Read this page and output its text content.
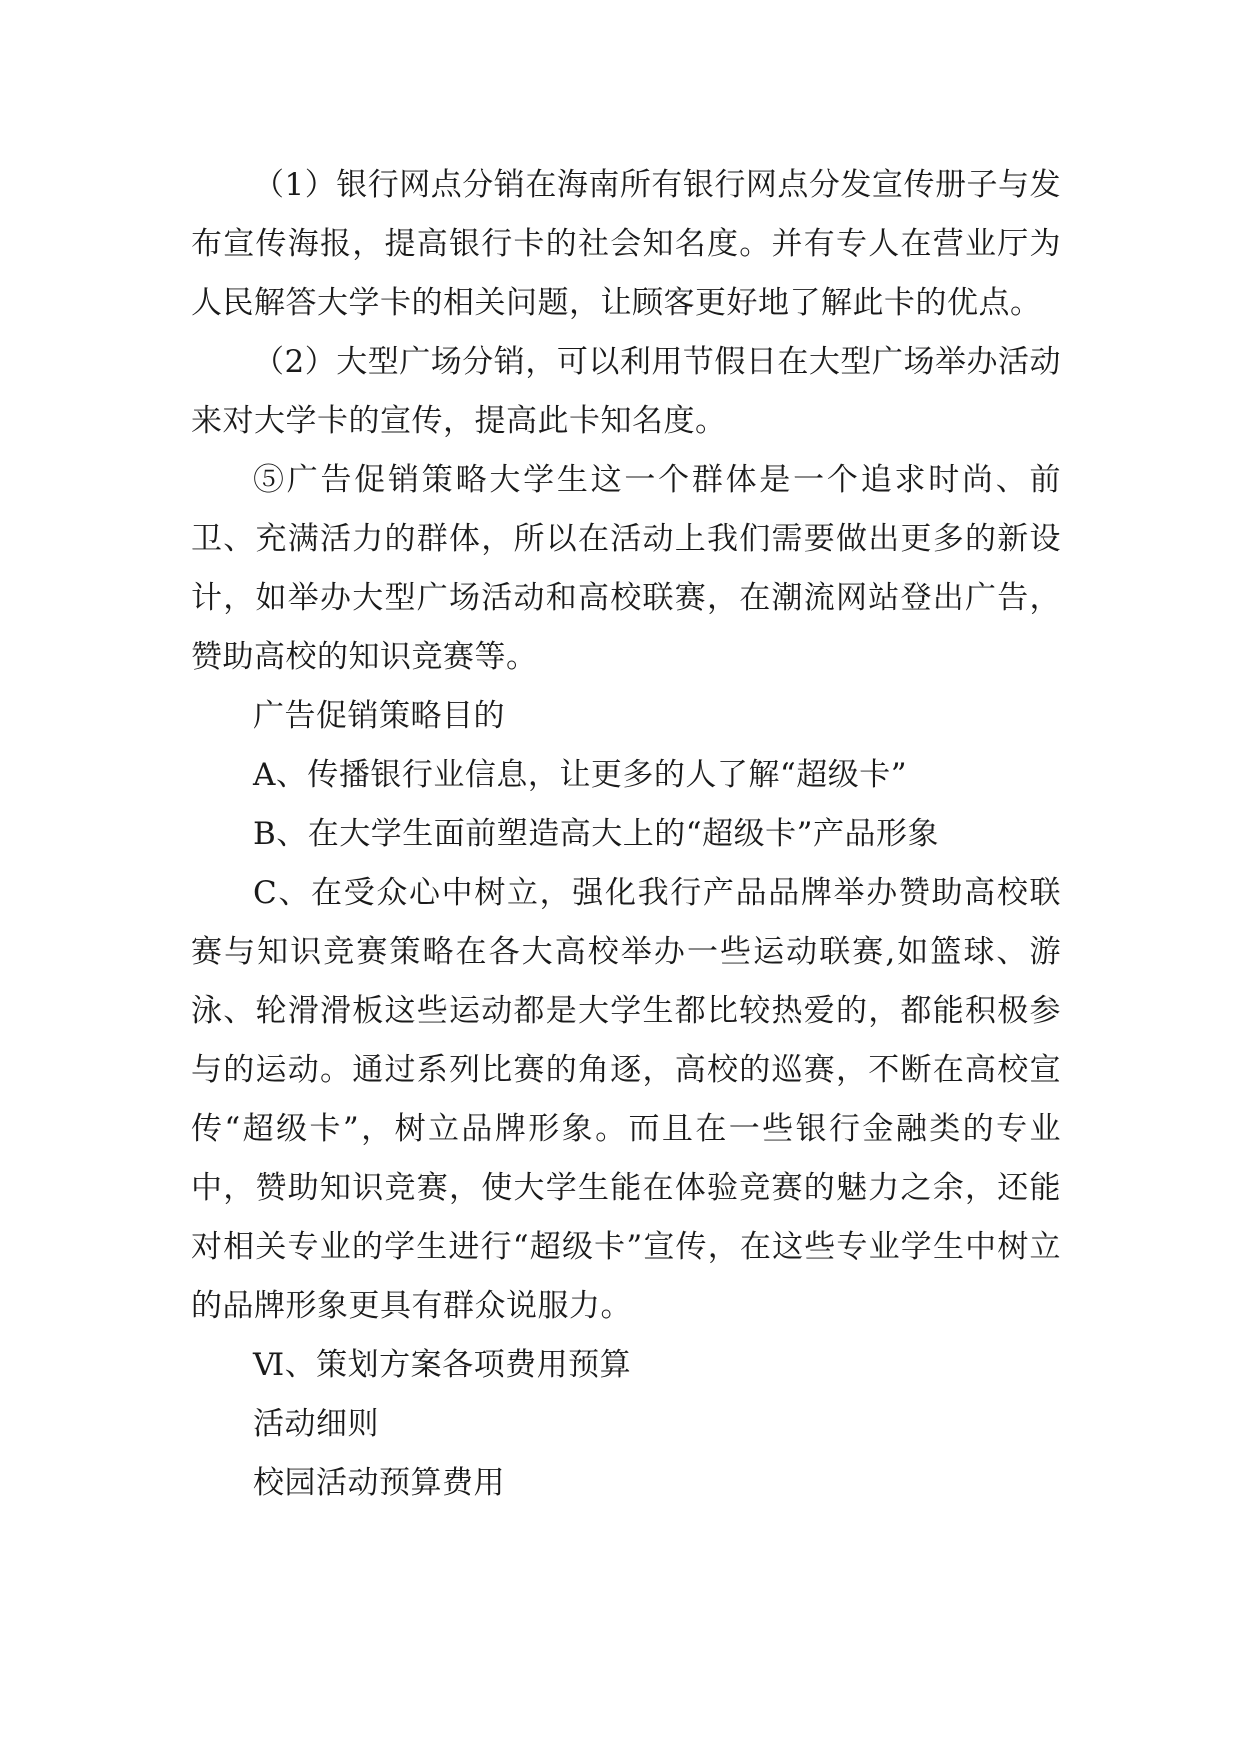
（1）银行网点分销在海南所有银行网点分发宣传册子与发布宣传海报，提高银行卡的社会知名度。并有专人在营业厅为人民解答大学卡的相关问题，让顾客更好地了解此卡的优点。

（2）大型广场分销，可以利用节假日在大型广场举办活动来对大学卡的宣传，提高此卡知名度。

⑤广告促销策略大学生这一个群体是一个追求时尚、前卫、充满活力的群体，所以在活动上我们需要做出更多的新设计，如举办大型广场活动和高校联赛，在潮流网站登出广告，赞助高校的知识竞赛等。

广告促销策略目的

A、传播银行业信息，让更多的人了解“超级卡”

B、在大学生面前塑造高大上的“超级卡”产品形象

C、在受众心中树立，强化我行产品品牌举办赞助高校联赛与知识竞赛策略在各大高校举办一些运动联赛,如篮球、游泳、轮滑滑板这些运动都是大学生都比较热爱的，都能积极参与的运动。通过系列比赛的角逐，高校的巡赛，不断在高校宣传“超级卡”，树立品牌形象。而且在一些银行金融类的专业中，赞助知识竞赛，使大学生能在体验竞赛的魅力之余，还能对相关专业的学生进行“超级卡”宣传，在这些专业学生中树立的品牌形象更具有群众说服力。

Ⅵ、策划方案各项费用预算

活动细则

校园活动预算费用
